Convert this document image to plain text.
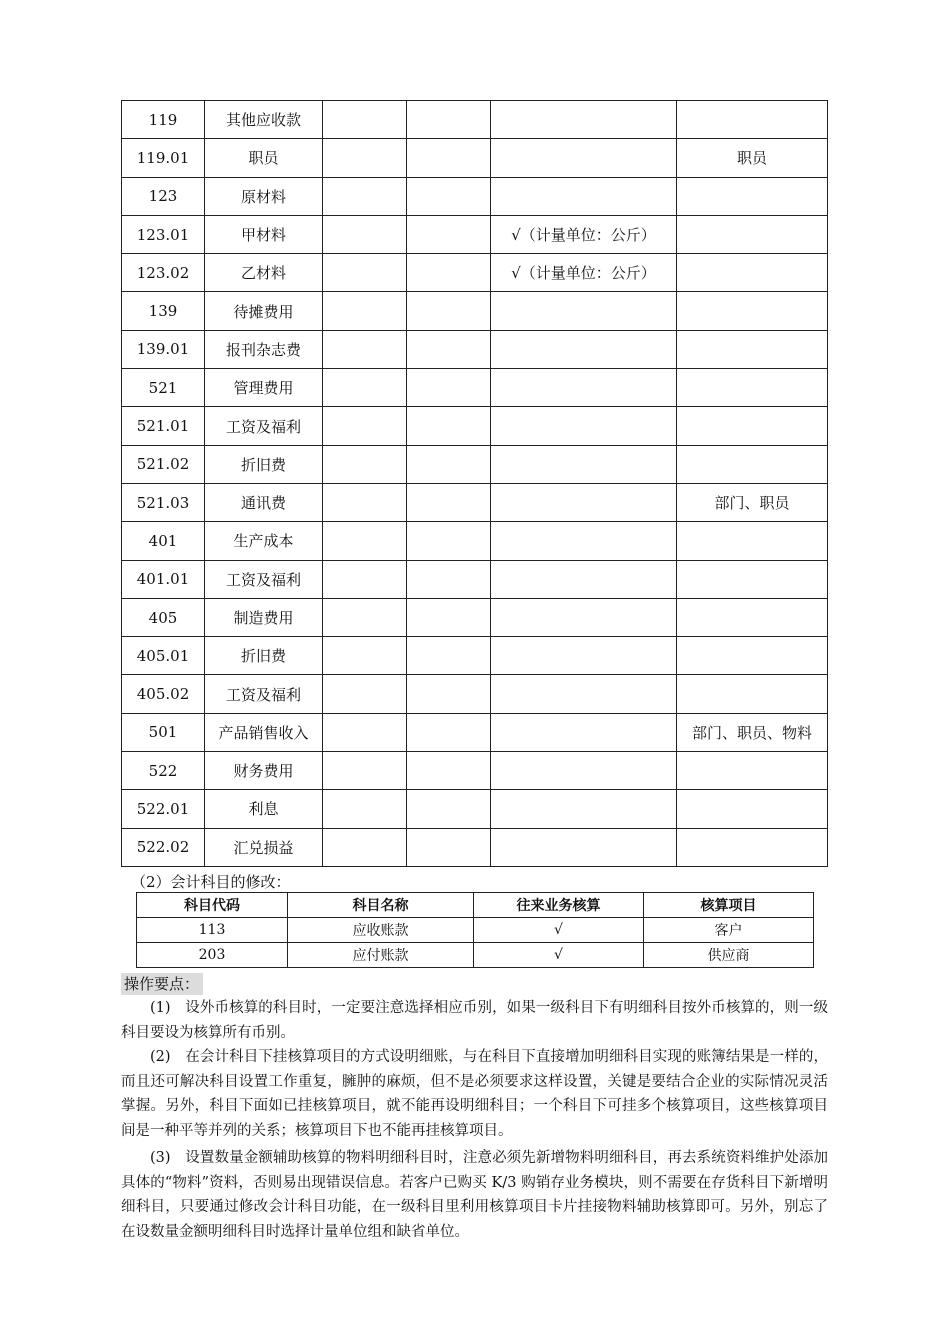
119	其他应收款				
119.01	职员				职员
123	原材料				
123.01	甲材料			√（计量单位：公斤）	
123.02	乙材料			√（计量单位：公斤）	
139	待摊费用				
139.01	报刊杂志费				
521	管理费用				
521.01	工资及福利				
521.02	折旧费				
521.03	通讯费				部门、职员
401	生产成本				
401.01	工资及福利				
405	制造费用				
405.01	折旧费				
405.02	工资及福利				
501	产品销售收入				部门、职员、物料
522	财务费用				
522.01	利息				
522.02	汇兑损益				
（2）会计科目的修改：
科目代码	科目名称	往来业务核算	核算项目
113	应收账款	√	客户
203	应付账款	√	供应商
操作要点：

(1)　设外币核算的科目时，一定要注意选择相应币别，如果一级科目下有明细科目按外币核算的，则一级科目要设为核算所有币别。

(2)　在会计科目下挂核算项目的方式设明细账，与在科目下直接增加明细科目实现的账簿结果是一样的，而且还可解决科目设置工作重复，臃肿的麻烦，但不是必须要求这样设置，关键是要结合企业的实际情况灵活掌握。另外，科目下面如已挂核算项目，就不能再设明细科目；一个科目下可挂多个核算项目，这些核算项目间是一种平等并列的关系；核算项目下也不能再挂核算项目。

(3)　设置数量金额辅助核算的物料明细科目时，注意必须先新增物料明细科目，再去系统资料维护处添加具体的“物料”资料，否则易出现错误信息。若客户已购买 K/3 购销存业务模块，则不需要在存货科目下新增明细科目，只要通过修改会计科目功能，在一级科目里利用核算项目卡片挂接物料辅助核算即可。另外，别忘了在设数量金额明细科目时选择计量单位组和缺省单位。
